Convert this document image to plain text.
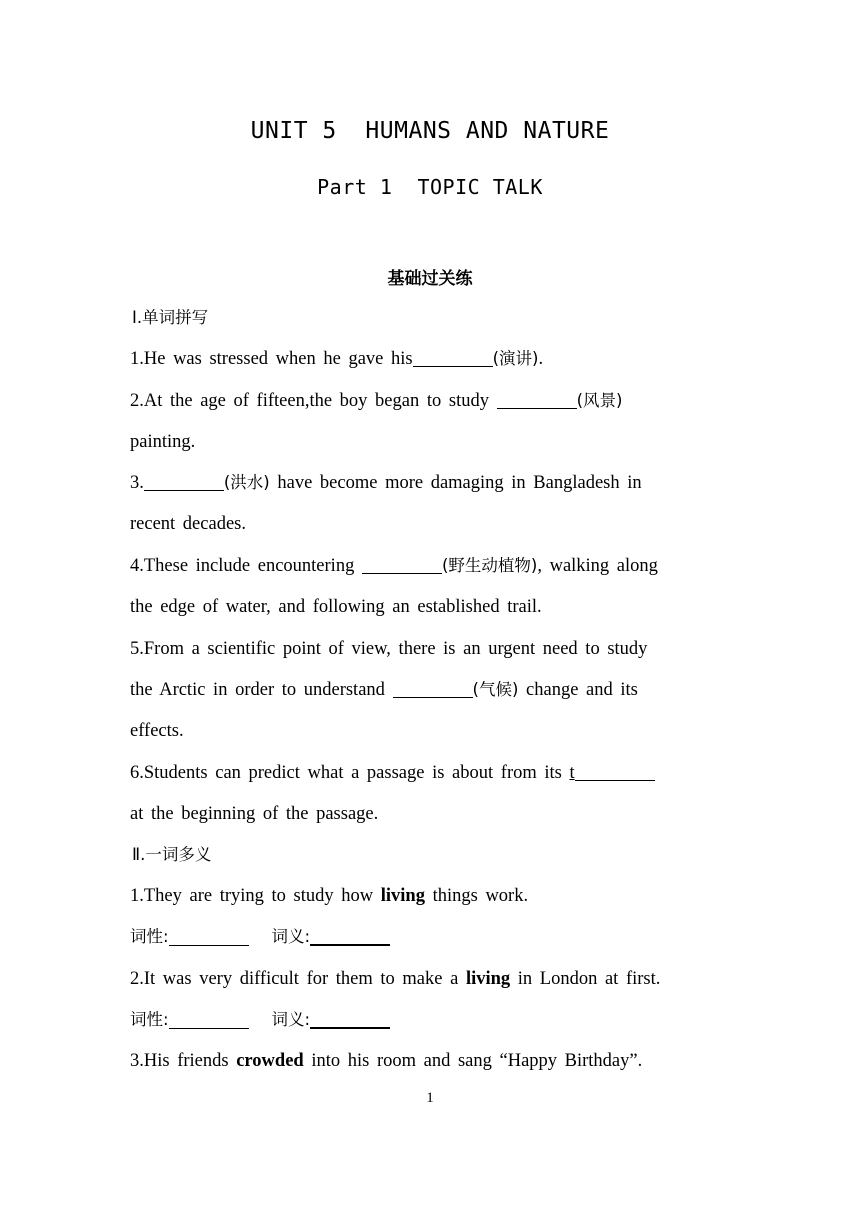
UNIT 5  HUMANS AND NATURE
Part 1  TOPIC TALK
基础过关练
Ⅰ.单词拼写
1.He was stressed when he gave his	(演讲).
2.At the age of fifteen,the boy began to study	(风景)
painting.
3.	(洪水) have become more damaging in Bangladesh in
recent decades.
4.These include encountering	(野生动植物), walking along
the edge of water, and following an established trail.
5.From a scientific point of view, there is an urgent need to study
the Arctic in order to understand	(气候) change and its
effects.
6.Students can predict what a passage is about from its t
at the beginning of the passage.
Ⅱ.一词多义
1.They are trying to study how living things work.
词性:	词义:
2.It was very difficult for them to make a living in London at first.
词性:	词义:
3.His friends crowded into his room and sang “Happy Birthday”.
1
